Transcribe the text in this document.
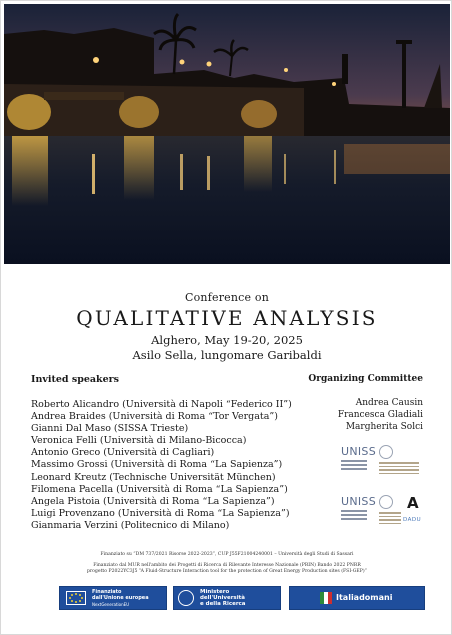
Conference on
QUALITATIVE ANALYSIS
Alghero, May 19-20, 2025
Asilo Sella, lungomare Garibaldi
Invited speakers
Roberto Alicandro (Università di Napoli “Federico II”)
Andrea Braides (Università di Roma “Tor Vergata”)
Gianni Dal Maso (SISSA Trieste)
Veronica Felli (Università di Milano-Bicocca)
Antonio Greco (Università di Cagliari)
Massimo Grossi (Università di Roma “La Sapienza”)
Leonard Kreutz (Technische Universität München)
Filomena Pacella (Università di Roma “La Sapienza”)
Angela Pistoia (Università di Roma “La Sapienza”)
Luigi Provenzano (Università di Roma “La Sapienza”)
Gianmaria Verzini (Politecnico di Milano)
Organizing Committee
Andrea Causin
Francesca Gladiali
Margherita Solci
UNISS
UNISS A
DADU
Finanziato su “DM 737/2021 Risorse 2022-2023”, CUP J55F21004240001 – Università degli Studi di Sassari
Finanziato dal MUR nell'ambito dei Progetti di Ricerca di Rilevante Interesse Nazionale (PRIN) Bando 2022 PNRR
progetto P2022YC3J5 “A Fluid-Structure Interaction tool for the protection of Great Energy Production sites (FSI-GEP)”
Finanziato
dall'Unione europea
NextGenerationEU
Ministero
dell'Università
e della Ricerca
Italiadomani
